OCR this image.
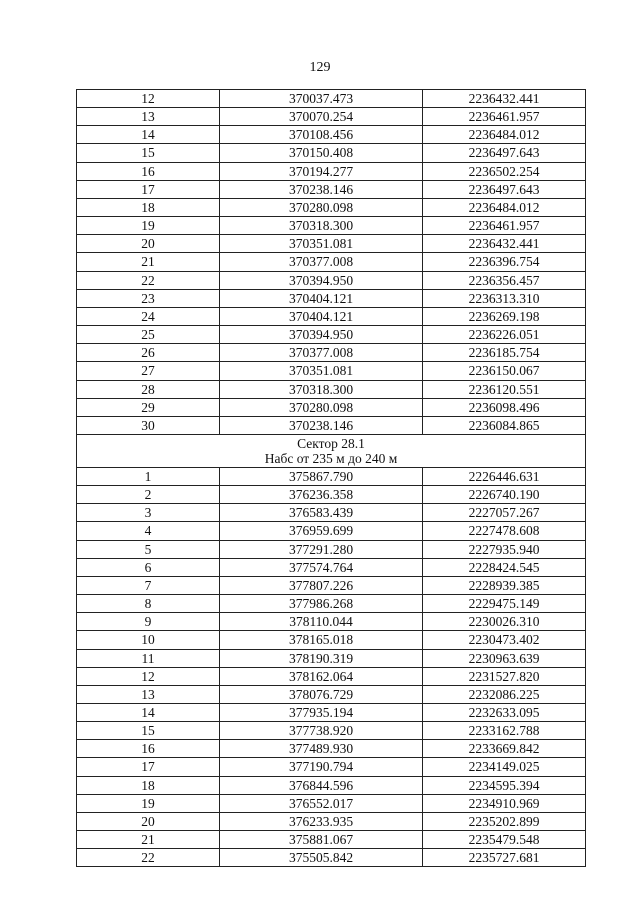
129
12	370037.473	2236432.441
13	370070.254	2236461.957
14	370108.456	2236484.012
15	370150.408	2236497.643
16	370194.277	2236502.254
17	370238.146	2236497.643
18	370280.098	2236484.012
19	370318.300	2236461.957
20	370351.081	2236432.441
21	370377.008	2236396.754
22	370394.950	2236356.457
23	370404.121	2236313.310
24	370404.121	2236269.198
25	370394.950	2236226.051
26	370377.008	2236185.754
27	370351.081	2236150.067
28	370318.300	2236120.551
29	370280.098	2236098.496
30	370238.146	2236084.865

Сектор 28.1
Набс от 235 м до 240 м		

1	375867.790	2226446.631
2	376236.358	2226740.190
3	376583.439	2227057.267
4	376959.699	2227478.608
5	377291.280	2227935.940
6	377574.764	2228424.545
7	377807.226	2228939.385
8	377986.268	2229475.149
9	378110.044	2230026.310
10	378165.018	2230473.402
11	378190.319	2230963.639
12	378162.064	2231527.820
13	378076.729	2232086.225
14	377935.194	2232633.095
15	377738.920	2233162.788
16	377489.930	2233669.842
17	377190.794	2234149.025
18	376844.596	2234595.394
19	376552.017	2234910.969
20	376233.935	2235202.899
21	375881.067	2235479.548
22	375505.842	2235727.681
